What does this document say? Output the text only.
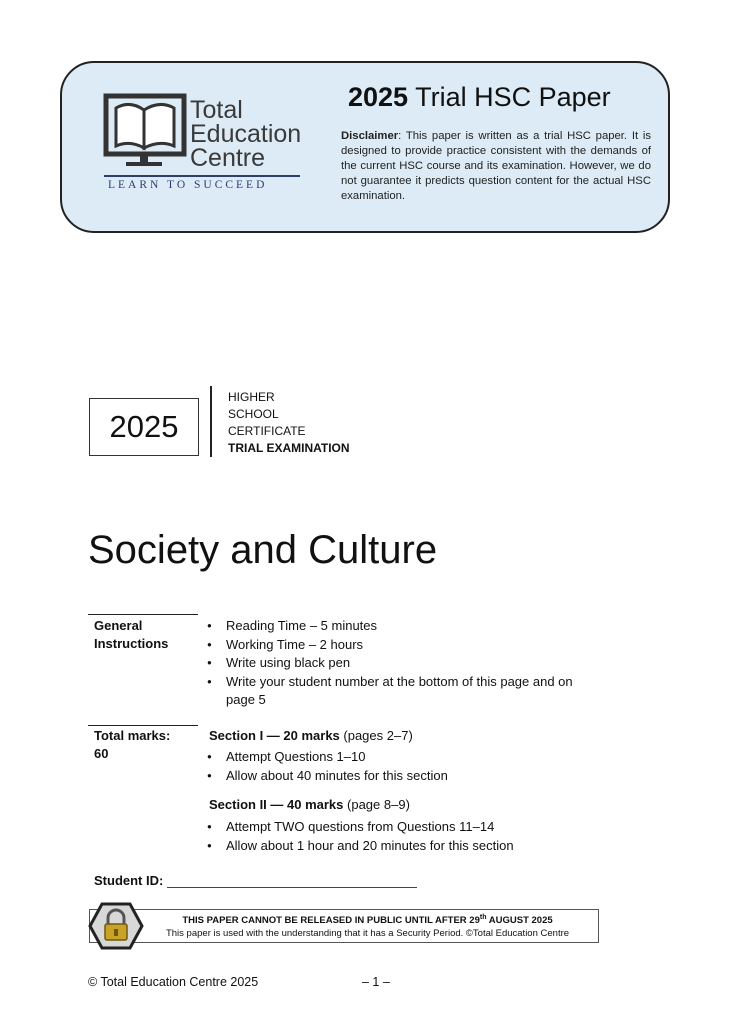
Total
Education
Centre
LEARN TO SUCCEED
2025 Trial HSC Paper
Disclaimer: This paper is written as a trial HSC paper. It is designed to provide practice consistent with the demands of the current HSC course and its examination. However, we do not guarantee it predicts question content for the actual HSC examination.
2025
HIGHER
SCHOOL
CERTIFICATE
TRIAL EXAMINATION
Society and Culture
General
Instructions
● Reading Time – 5 minutes
● Working Time – 2 hours
● Write using black pen
● Write your student number at the bottom of this page and on page 5
Total marks:
60
Section I — 20 marks (pages 2–7)
● Attempt Questions 1–10
● Allow about 40 minutes for this section
Section II — 40 marks (page 8–9)
● Attempt TWO questions from Questions 11–14
● Allow about 1 hour and 20 minutes for this section
Student ID:
THIS PAPER CANNOT BE RELEASED IN PUBLIC UNTIL AFTER 29th AUGUST 2025
This paper is used with the understanding that it has a Security Period. ©Total Education Centre
© Total Education Centre 2025	– 1 –
